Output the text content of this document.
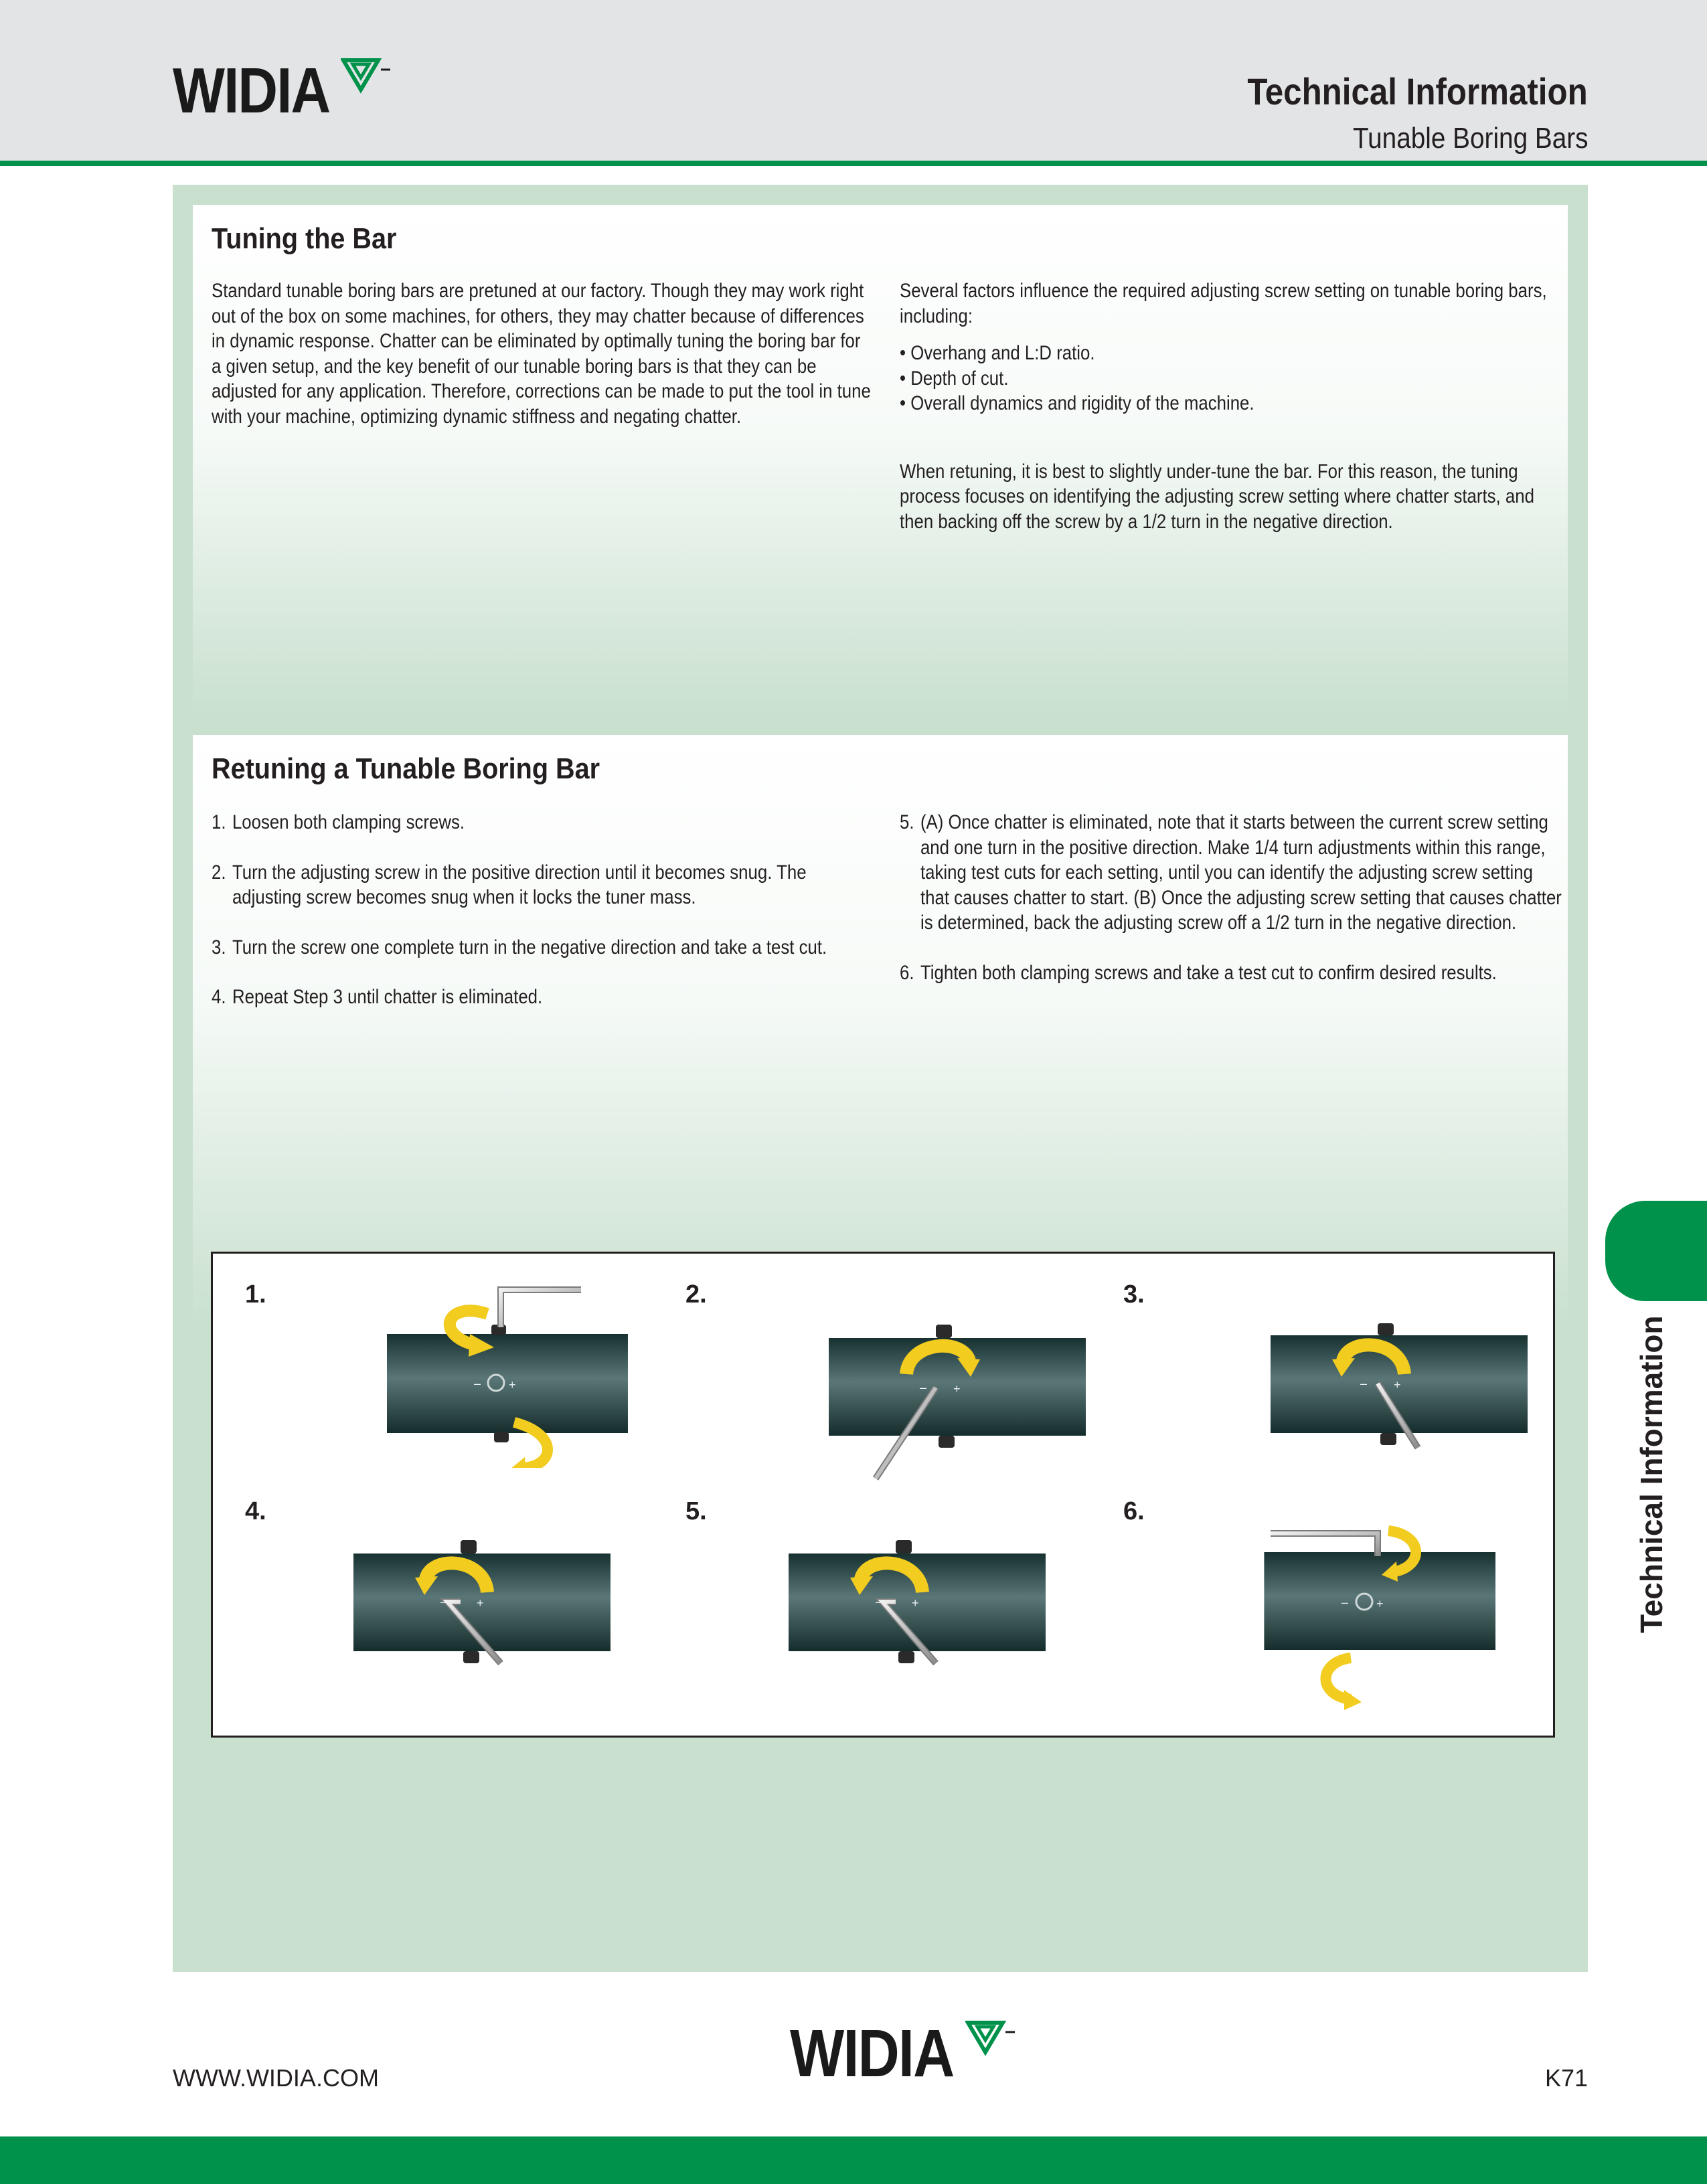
WIDIA	Technical Information
Tunable Boring Bars
Tuning the Bar

Standard tunable boring bars are pretuned at our factory. Though they may work right out of the box on some machines, for others, they may chatter because of differences in dynamic response. Chatter can be eliminated by optimally tuning the boring bar for a given setup, and the key benefit of our tunable boring bars is that they can be adjusted for any application. Therefore, corrections can be made to put the tool in tune with your machine, optimizing dynamic stiffness and negating chatter.

Several factors influence the required adjusting screw setting on tunable boring bars, including:

• Overhang and L:D ratio.
• Depth of cut.
• Overall dynamics and rigidity of the machine.

When retuning, it is best to slightly under-tune the bar. For this reason, the tuning process focuses on identifying the adjusting screw setting where chatter starts, and then backing off the screw by a 1/2 turn in the negative direction.

Retuning a Tunable Boring Bar
1. Loosen both clamping screws.
2. Turn the adjusting screw in the positive direction until it becomes snug. The adjusting screw becomes snug when it locks the tuner mass.
3. Turn the screw one complete turn in the negative direction and take a test cut.
4. Repeat Step 3 until chatter is eliminated.
5. (A) Once chatter is eliminated, note that it starts between the current screw setting and one turn in the positive direction. Make 1/4 turn adjustments within this range, taking test cuts for each setting, until you can identify the adjusting screw setting that causes chatter to start. (B) Once the adjusting screw setting that causes chatter is determined, back the adjusting screw off a 1/2 turn in the negative direction.
6. Tighten both clamping screws and take a test cut to confirm desired results.
1.	2.	3.
4.	5.	6.
– +	– +	– +
– +	– +	– +	Technical Information
WWW.WIDIA.COM	WIDIA	K71
